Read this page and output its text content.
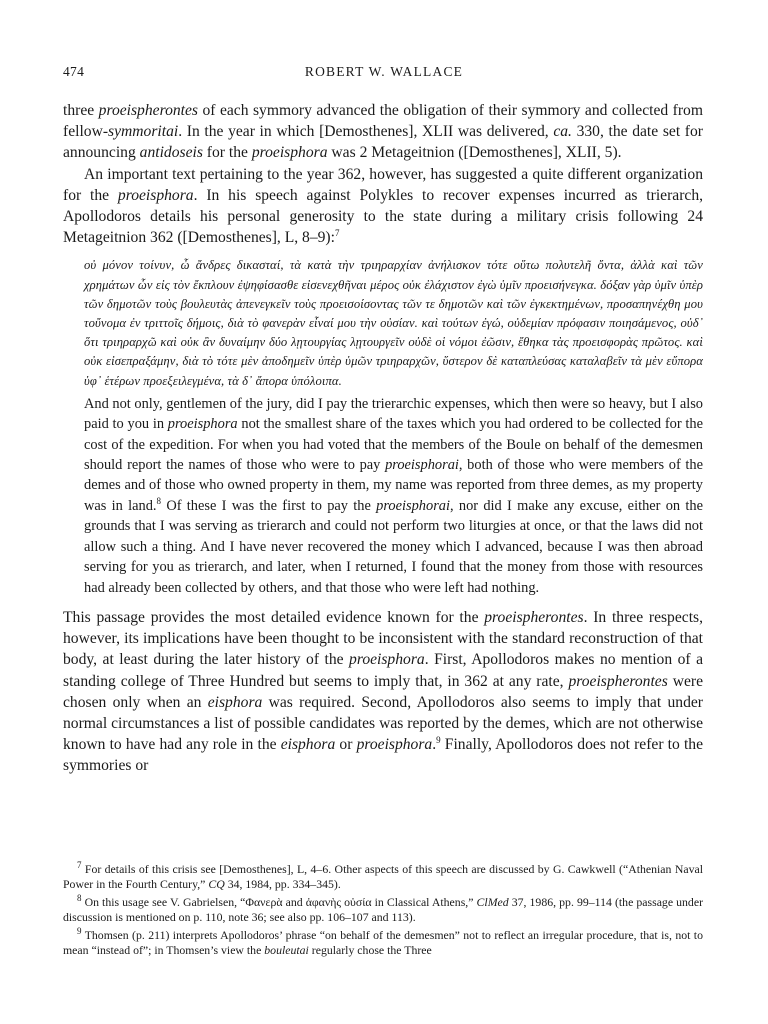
474	ROBERT W. WALLACE

three proeispherontes of each symmory advanced the obligation of their symmory and collected from fellow-symmoritai. In the year in which [Demosthenes], XLII was delivered, ca. 330, the date set for announcing antidoseis for the proeisphora was 2 Metageitnion ([Demosthenes], XLII, 5).

An important text pertaining to the year 362, however, has suggested a quite different organization for the proeisphora. In his speech against Polykles to recover expenses incurred as trierarch, Apollodoros details his personal generosity to the state during a military crisis following 24 Metageitnion 362 ([Demosthenes], L, 8–9):$^7$

οὐ μόνον τοίνυν, ὦ ἄνδρες δικασταί, τὰ κατὰ τὴν τριηραρχίαν ἀνήλισκον τότε οὕτω πολυτελῆ ὄντα, ἀλλὰ καὶ τῶν χρημάτων ὧν εἰς τὸν ἔκπλουν ἐψηφίσασθε εἰσενεχθῆναι μέρος οὐκ ἐλάχιστον ἐγὼ ὑμῖν προεισήνεγκα. δόξαν γὰρ ὑμῖν ὑπὲρ τῶν δημοτῶν τοὺς βουλευτὰς ἀπενεγκεῖν τοὺς προεισοίσοντας τῶν τε δημοτῶν καὶ τῶν ἐγκεκτημένων, προσαπηνέχθη μου τοὔνομα ἐν τριττοῖς δήμοις, διὰ τὸ φανερὰν εἶναί μου τὴν οὐσίαν. καὶ τούτων ἐγώ, οὐδεμίαν πρόφασιν ποιησάμενος, οὐδ᾽ ὅτι τριηραρχῶ καὶ οὐκ ἂν δυναίμην δύο λῃτουργίας λῃτουργεῖν οὐδὲ οἱ νόμοι ἐῶσιν, ἔθηκα τὰς προεισφορὰς πρῶτος. καὶ οὐκ εἰσεπραξάμην, διὰ τὸ τότε μὲν ἀποδημεῖν ὑπὲρ ὑμῶν τριηραρχῶν, ὕστερον δὲ καταπλεύσας καταλαβεῖν τὰ μὲν εὔπορα ὑφ᾽ ἑτέρων προεξειλεγμένα, τὰ δ᾽ ἄπορα ὑπόλοιπα.

And not only, gentlemen of the jury, did I pay the trierarchic expenses, which then were so heavy, but I also paid to you in proeisphora not the smallest share of the taxes which you had ordered to be collected for the cost of the expedition. For when you had voted that the members of the Boule on behalf of the demesmen should report the names of those who were to pay proeisphorai, both of those who were members of the demes and of those who owned property in them, my name was reported from three demes, as my property was in land.$^8$ Of these I was the first to pay the proeisphorai, nor did I make any excuse, either on the grounds that I was serving as trierarch and could not perform two liturgies at once, or that the laws did not allow such a thing. And I have never recovered the money which I advanced, because I was then abroad serving for you as trierarch, and later, when I returned, I found that the money from those with resources had already been collected by others, and that those who were left had nothing.

This passage provides the most detailed evidence known for the proeispherontes. In three respects, however, its implications have been thought to be inconsistent with the standard reconstruction of that body, at least during the later history of the proeisphora. First, Apollodoros makes no mention of a standing college of Three Hundred but seems to imply that, in 362 at any rate, proeispherontes were chosen only when an eisphora was required. Second, Apollodoros also seems to imply that under normal circumstances a list of possible candidates was reported by the demes, which are not otherwise known to have had any role in the eisphora or proeisphora.$^9$ Finally, Apollodoros does not refer to the symmories or

$^7$ For details of this crisis see [Demosthenes], L, 4–6. Other aspects of this speech are discussed by G. Cawkwell (“Athenian Naval Power in the Fourth Century,” CQ 34, 1984, pp. 334–345).

$^8$ On this usage see V. Gabrielsen, “Φανερὰ and ἀφανὴς οὐσία in Classical Athens,” ClMed 37, 1986, pp. 99–114 (the passage under discussion is mentioned on p. 110, note 36; see also pp. 106–107 and 113).

$^9$ Thomsen (p. 211) interprets Apollodoros’ phrase “on behalf of the demesmen” not to reflect an irregular procedure, that is, not to mean “instead of”; in Thomsen’s view the bouleutai regularly chose the Three
